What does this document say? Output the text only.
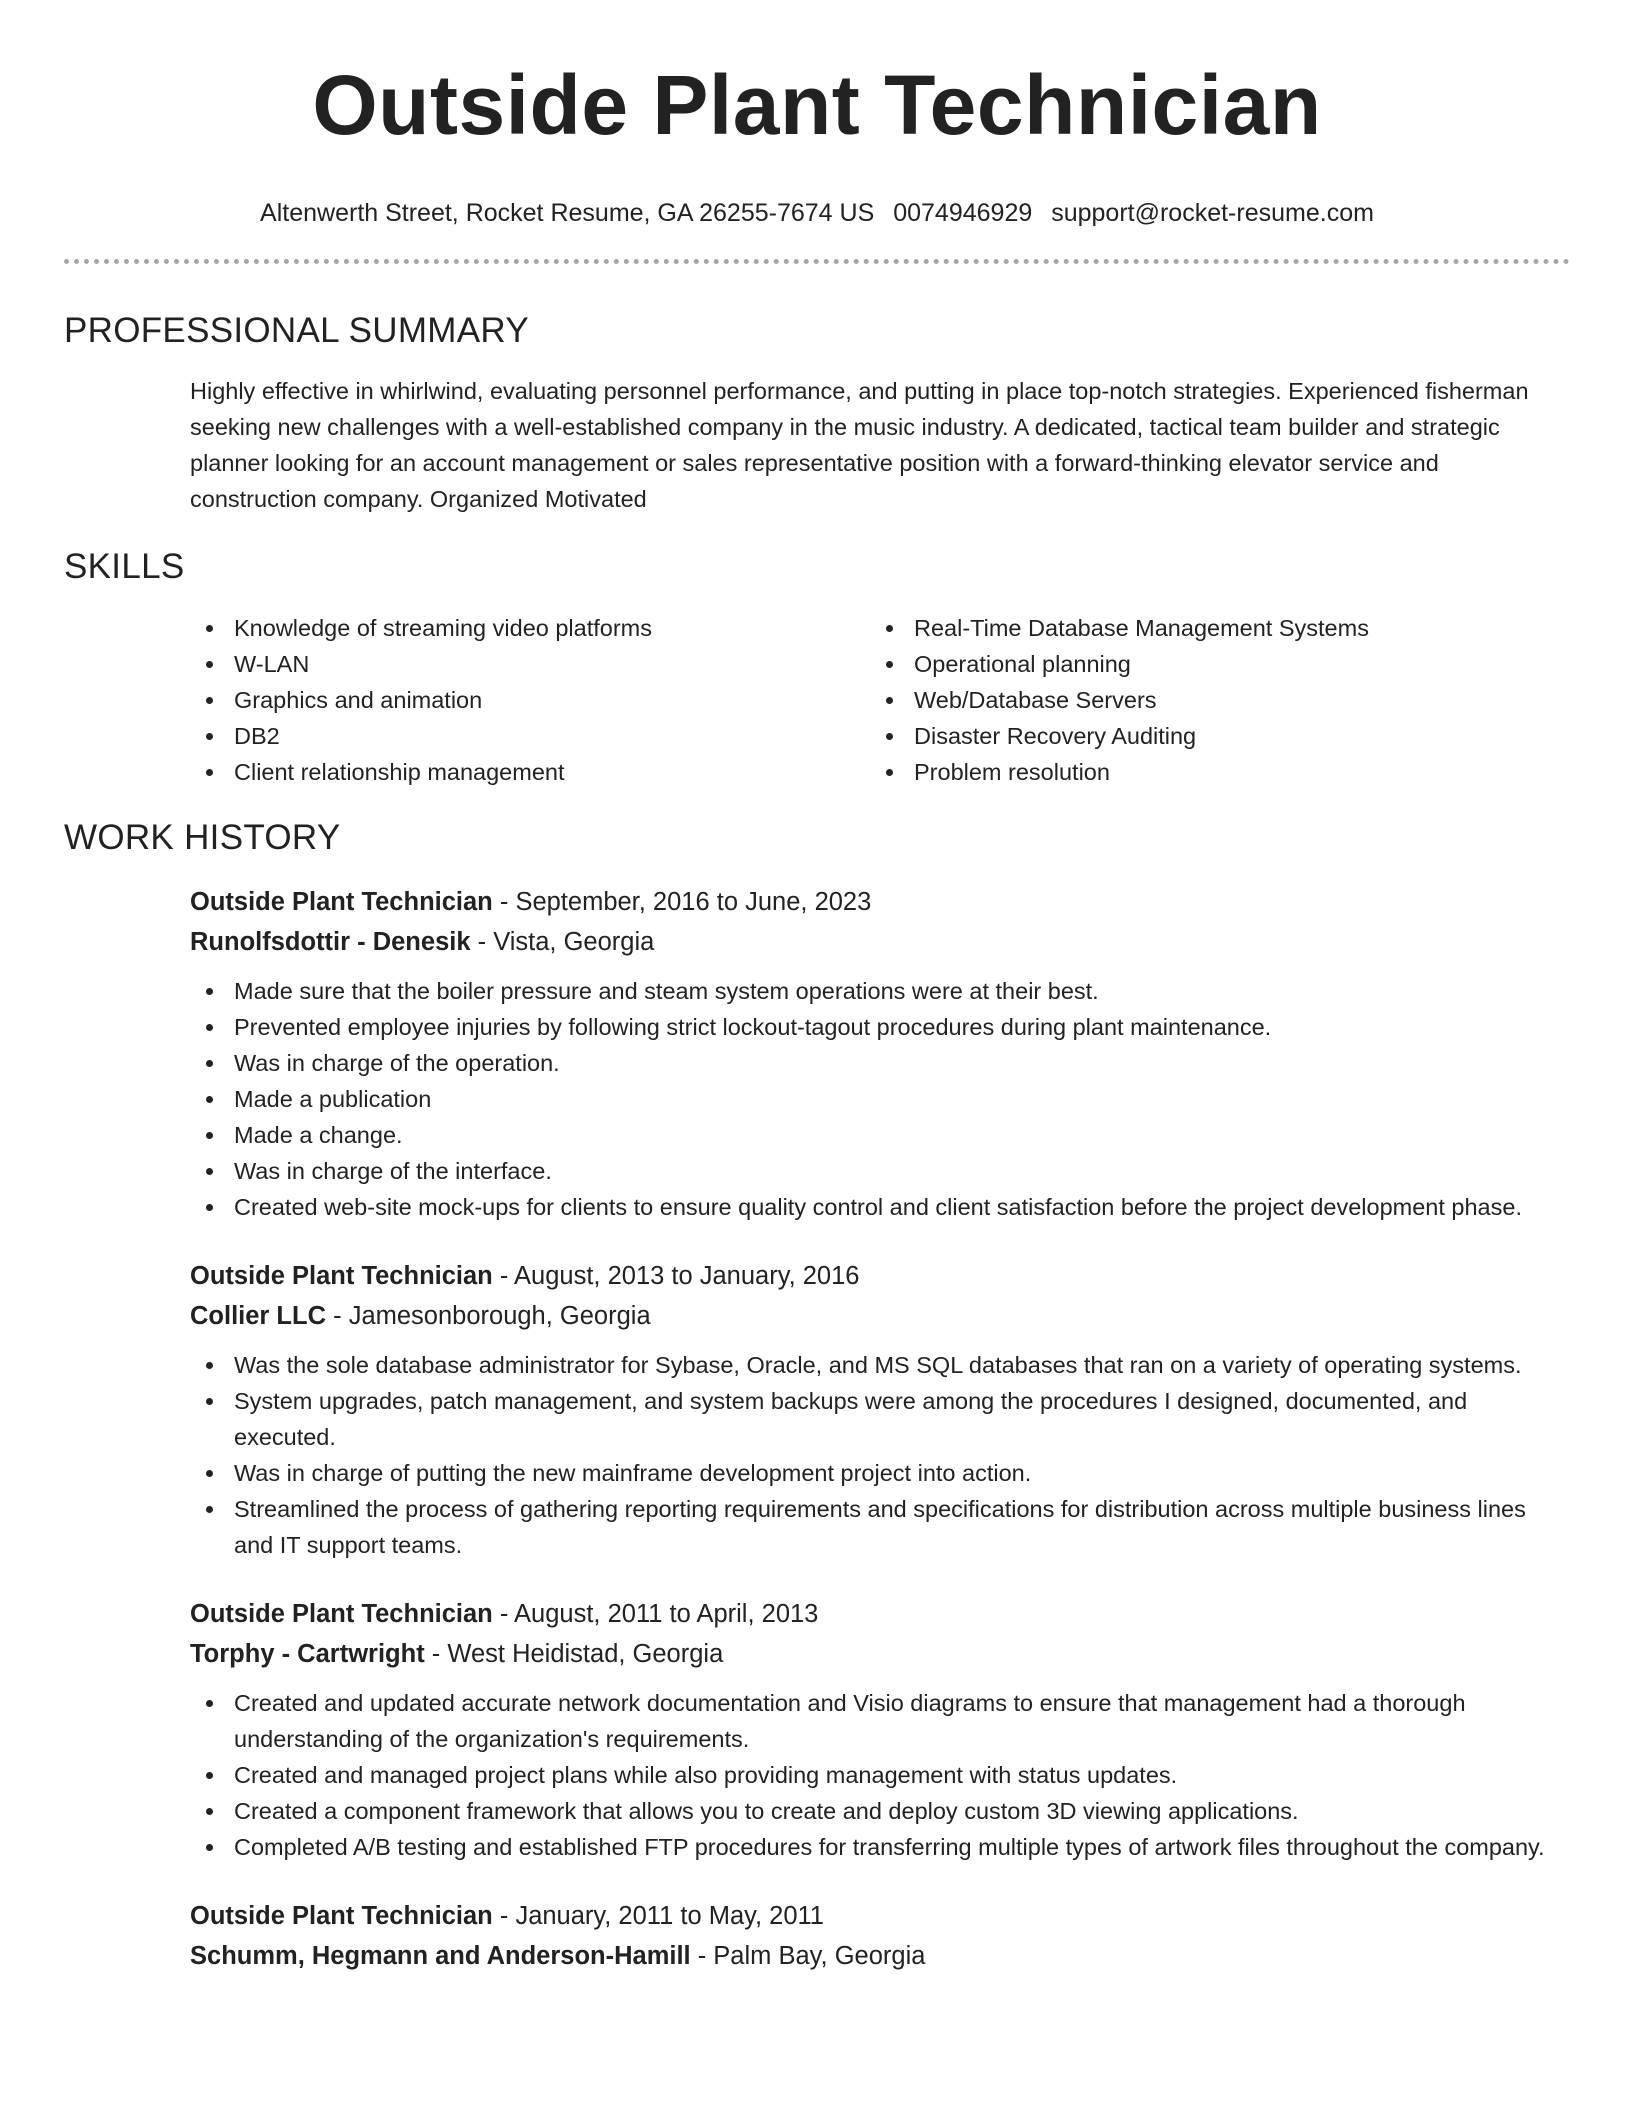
Outside Plant Technician
Altenwerth Street, Rocket Resume, GA 26255-7674 US 0074946929 support@rocket-resume.com
PROFESSIONAL SUMMARY

Highly effective in whirlwind, evaluating personnel performance, and putting in place top-notch strategies. Experienced fisherman seeking new challenges with a well-established company in the music industry. A dedicated, tactical team builder and strategic planner looking for an account management or sales representative position with a forward-thinking elevator service and construction company. Organized Motivated

SKILLS
Knowledge of streaming video platforms
W-LAN
Graphics and animation
DB2
Client relationship management
Real-Time Database Management Systems
Operational planning
Web/Database Servers
Disaster Recovery Auditing
Problem resolution
WORK HISTORY
Outside Plant Technician - September, 2016 to June, 2023
Runolfsdottir - Denesik - Vista, Georgia
Made sure that the boiler pressure and steam system operations were at their best.
Prevented employee injuries by following strict lockout-tagout procedures during plant maintenance.
Was in charge of the operation.
Made a publication
Made a change.
Was in charge of the interface.
Created web-site mock-ups for clients to ensure quality control and client satisfaction before the project development phase.
Outside Plant Technician - August, 2013 to January, 2016
Collier LLC - Jamesonborough, Georgia
Was the sole database administrator for Sybase, Oracle, and MS SQL databases that ran on a variety of operating systems.
System upgrades, patch management, and system backups were among the procedures I designed, documented, and executed.
Was in charge of putting the new mainframe development project into action.
Streamlined the process of gathering reporting requirements and specifications for distribution across multiple business lines and IT support teams.
Outside Plant Technician - August, 2011 to April, 2013
Torphy - Cartwright - West Heidistad, Georgia
Created and updated accurate network documentation and Visio diagrams to ensure that management had a thorough understanding of the organization's requirements.
Created and managed project plans while also providing management with status updates.
Created a component framework that allows you to create and deploy custom 3D viewing applications.
Completed A/B testing and established FTP procedures for transferring multiple types of artwork files throughout the company.
Outside Plant Technician - January, 2011 to May, 2011
Schumm, Hegmann and Anderson-Hamill - Palm Bay, Georgia
